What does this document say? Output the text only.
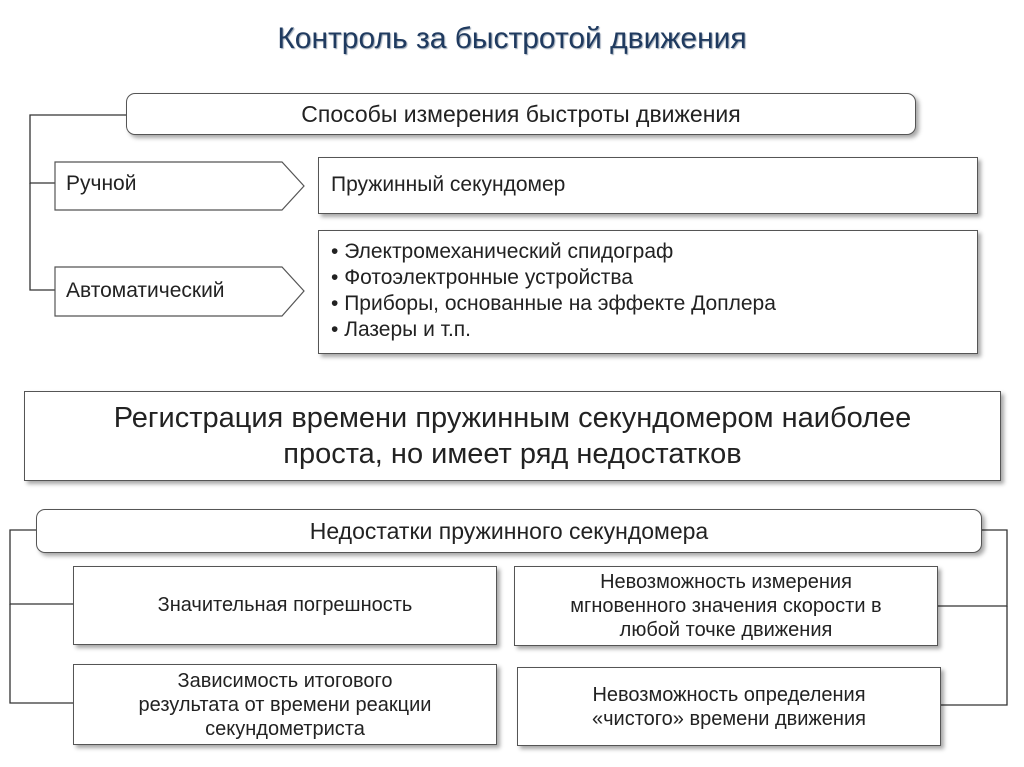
Контроль за быстротой движения
Способы измерения быстроты движения
Ручной
Автоматический
Пружинный секундомер
• Электромеханический спидограф
• Фотоэлектронные устройства
• Приборы, основанные на эффекте Доплера
• Лазеры и т.п.
Регистрация времени пружинным секундомером наиболее
проста, но имеет ряд недостатков
Недостатки пружинного секундомера
Значительная погрешность
Невозможность измерения
мгновенного значения скорости в
любой точке движения
Зависимость итогового
результата от времени реакции
секундометриста
Невозможность определения
«чистого» времени движения
